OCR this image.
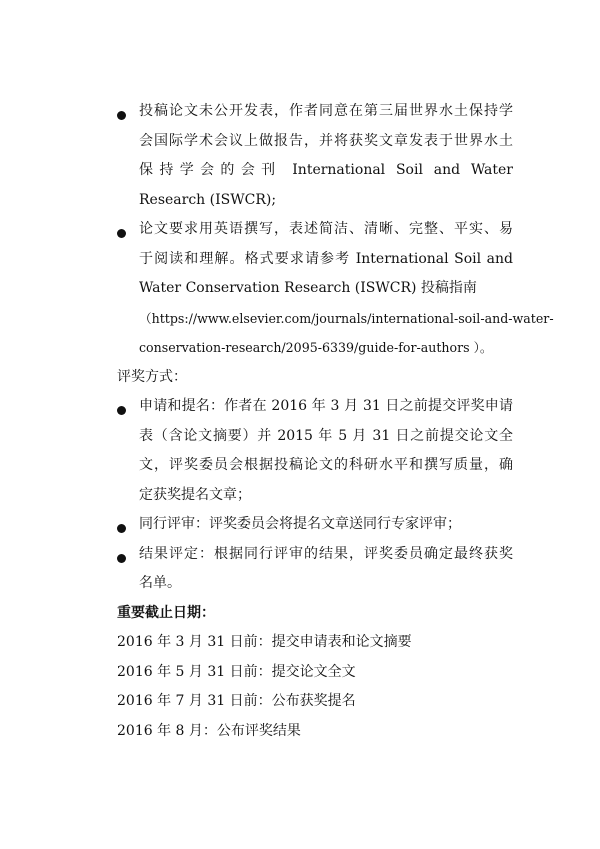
投稿论文未公开发表，作者同意在第三届世界水土保持学
会国际学术会议上做报告，并将获奖文章发表于世界水土
保持学会的会刊 International Soil and Water
Research (ISWCR);
论文要求用英语撰写，表述简洁、清晰、完整、平实、易
于阅读和理解。格式要求请参考 International Soil and
Water Conservation Research (ISWCR) 投稿指南
（https://www.elsevier.com/journals/international-soil-and-water-
conservation-research/2095-6339/guide-for-authors ）。
评奖方式：
申请和提名：作者在 2016 年 3 月 31 日之前提交评奖申请
表（含论文摘要）并 2015 年 5 月 31 日之前提交论文全
文，评奖委员会根据投稿论文的科研水平和撰写质量，确
定获奖提名文章；
同行评审：评奖委员会将提名文章送同行专家评审；
结果评定：根据同行评审的结果，评奖委员确定最终获奖
名单。
重要截止日期：
2016 年 3 月 31 日前：提交申请表和论文摘要
2016 年 5 月 31 日前：提交论文全文
2016 年 7 月 31 日前：公布获奖提名
2016 年 8 月：公布评奖结果
